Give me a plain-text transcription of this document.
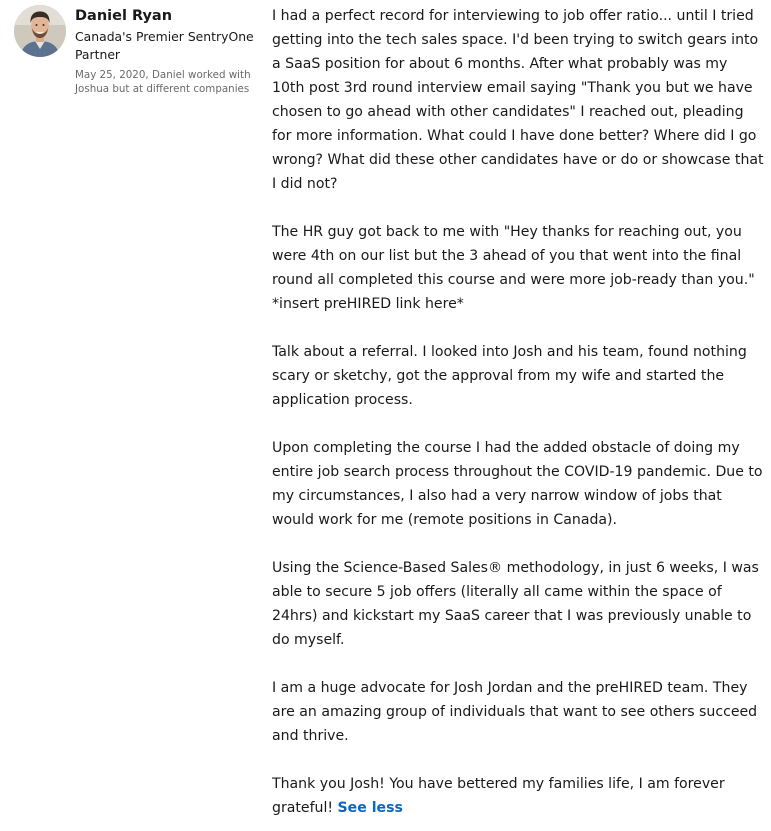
Daniel Ryan
Canada's Premier SentryOne Partner
May 25, 2020, Daniel worked with Joshua but at different companies

I had a perfect record for interviewing to job offer ratio... until I tried getting into the tech sales space. I'd been trying to switch gears into a SaaS position for about 6 months. After what probably was my 10th post 3rd round interview email saying "Thank you but we have chosen to go ahead with other candidates" I reached out, pleading for more information. What could I have done better? Where did I go wrong? What did these other candidates have or do or showcase that I did not?

The HR guy got back to me with "Hey thanks for reaching out, you were 4th on our list but the 3 ahead of you that went into the final round all completed this course and were more job-ready than you." *insert preHIRED link here*

Talk about a referral. I looked into Josh and his team, found nothing scary or sketchy, got the approval from my wife and started the application process.

Upon completing the course I had the added obstacle of doing my entire job search process throughout the COVID-19 pandemic. Due to my circumstances, I also had a very narrow window of jobs that would work for me (remote positions in Canada).

Using the Science-Based Sales® methodology, in just 6 weeks, I was able to secure 5 job offers (literally all came within the space of 24hrs) and kickstart my SaaS career that I was previously unable to do myself.

I am a huge advocate for Josh Jordan and the preHIRED team. They are an amazing group of individuals that want to see others succeed and thrive.

Thank you Josh! You have bettered my families life, I am forever grateful! See less
